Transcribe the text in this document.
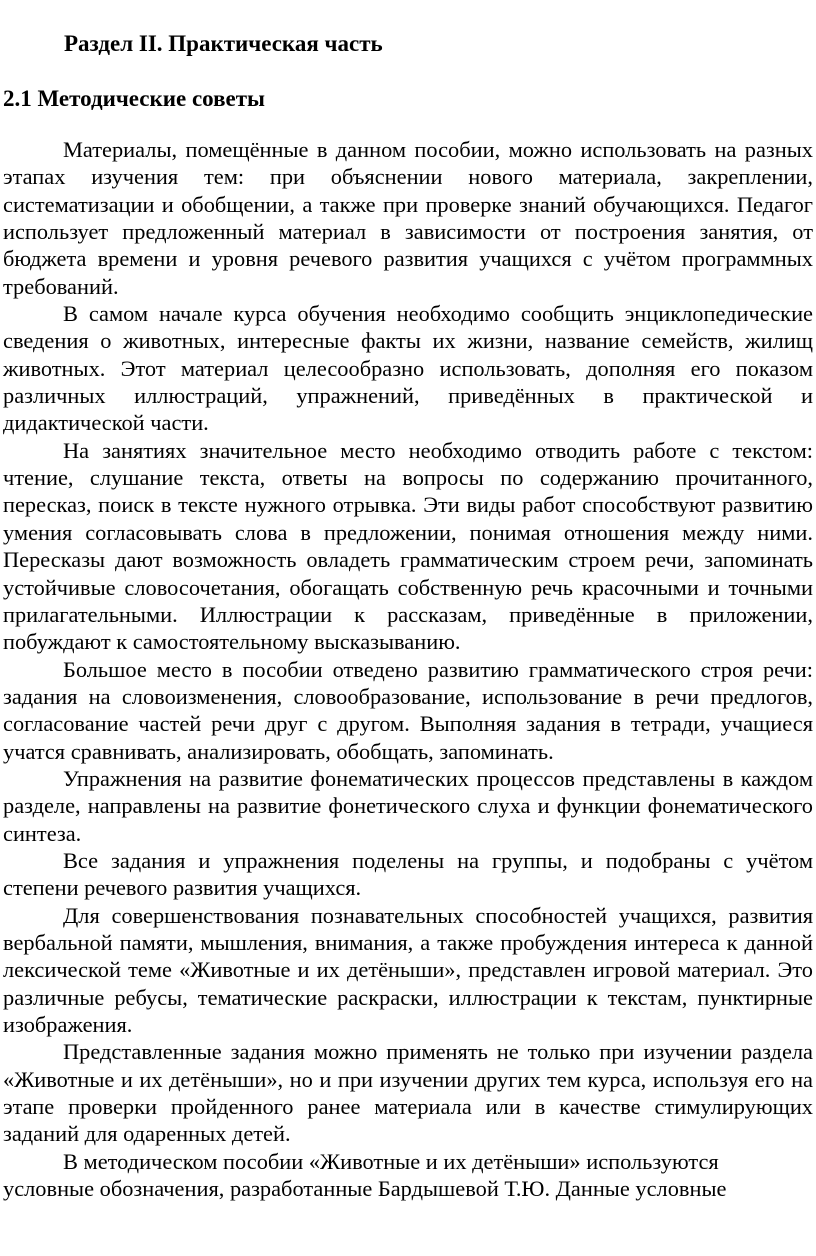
Раздел II. Практическая часть
2.1 Методические советы

Материалы, помещённые в данном пособии, можно использовать на разных этапах изучения тем: при объяснении нового материала, закреплении, систематизации и обобщении, а также при проверке знаний обучающихся. Педагог использует предложенный материал в зависимости от построения занятия, от бюджета времени и уровня речевого развития учащихся с учётом программных требований.

В самом начале курса обучения необходимо сообщить энциклопедические сведения о животных, интересные факты их жизни, название семейств, жилищ животных. Этот материал целесообразно использовать, дополняя его показом различных иллюстраций, упражнений, приведённых в практической и дидактической части.

На занятиях значительное место необходимо отводить работе с текстом: чтение, слушание текста, ответы на вопросы по содержанию прочитанного, пересказ, поиск в тексте нужного отрывка. Эти виды работ способствуют развитию умения согласовывать слова в предложении, понимая отношения между ними. Пересказы дают возможность овладеть грамматическим строем речи, запоминать устойчивые словосочетания, обогащать собственную речь красочными и точными прилагательными. Иллюстрации к рассказам, приведённые в приложении, побуждают к самостоятельному высказыванию.

Большое место в пособии отведено развитию грамматического строя речи: задания на словоизменения, словообразование, использование в речи предлогов, согласование частей речи друг с другом. Выполняя задания в тетради, учащиеся учатся сравнивать, анализировать, обобщать, запоминать.

Упражнения на развитие фонематических процессов представлены в каждом разделе, направлены на развитие фонетического слуха и функции фонематического синтеза.

Все задания и упражнения поделены на группы, и подобраны с учётом степени речевого развития учащихся.

Для совершенствования познавательных способностей учащихся, развития вербальной памяти, мышления, внимания, а также пробуждения интереса к данной лексической теме «Животные и их детёныши», представлен игровой материал. Это различные ребусы, тематические раскраски, иллюстрации к текстам, пунктирные изображения.

Представленные задания можно применять не только при изучении раздела «Животные и их детёныши», но и при изучении других тем курса, используя его на этапе проверки пройденного ранее материала или в качестве стимулирующих заданий для одаренных детей.

В методическом пособии «Животные и их детёныши» используются условные обозначения, разработанные Бардышевой Т.Ю. Данные условные
